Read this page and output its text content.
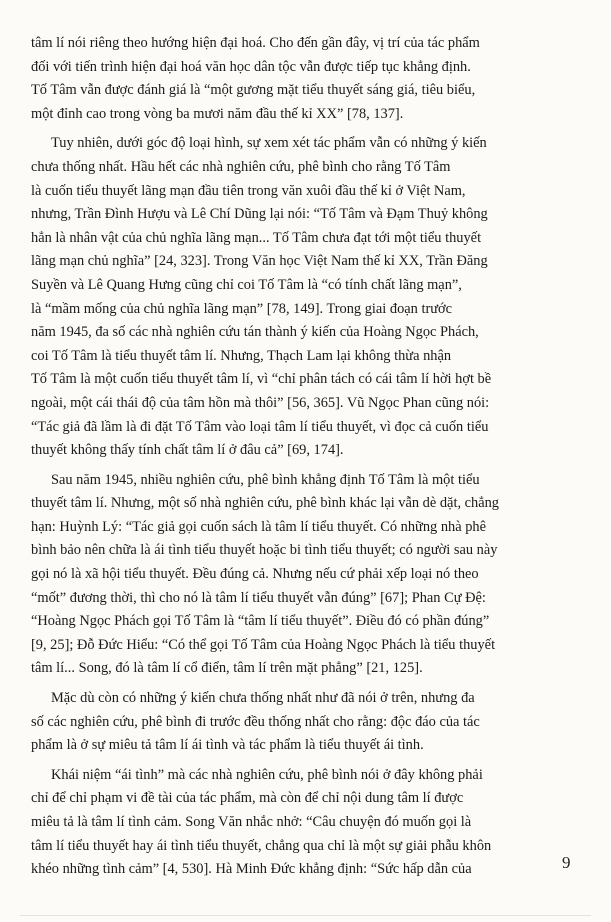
tâm lí nói riêng theo hướng hiện đại hoá. Cho đến gần đây, vị trí của tác phẩm
đối với tiến trình hiện đại hoá văn học dân tộc vẫn được tiếp tục khẳng định.
Tố Tâm vẫn được đánh giá là “một gương mặt tiểu thuyết sáng giá, tiêu biểu,
một đỉnh cao trong vòng ba mươi năm đầu thế kỉ XX” [78, 137].

Tuy nhiên, dưới góc độ loại hình, sự xem xét tác phẩm vẫn có những ý kiến
chưa thống nhất. Hầu hết các nhà nghiên cứu, phê bình cho rằng Tố Tâm
là cuốn tiểu thuyết lãng mạn đầu tiên trong văn xuôi đầu thế kỉ ở Việt Nam,
nhưng, Trần Đình Hượu và Lê Chí Dũng lại nói: “Tố Tâm và Đạm Thuỷ không
hẳn là nhân vật của chủ nghĩa lãng mạn... Tố Tâm chưa đạt tới một tiểu thuyết
lãng mạn chủ nghĩa” [24, 323]. Trong Văn học Việt Nam thế kỉ XX, Trần Đăng
Suyền và Lê Quang Hưng cũng chỉ coi Tố Tâm là “có tính chất lãng mạn”,
là “mầm mống của chủ nghĩa lãng mạn” [78, 149]. Trong giai đoạn trước
năm 1945, đa số các nhà nghiên cứu tán thành ý kiến của Hoàng Ngọc Phách,
coi Tố Tâm là tiểu thuyết tâm lí. Nhưng, Thạch Lam lại không thừa nhận
Tố Tâm là một cuốn tiểu thuyết tâm lí, vì “chỉ phân tách có cái tâm lí hời hợt bề
ngoài, một cái thái độ của tâm hồn mà thôi” [56, 365]. Vũ Ngọc Phan cũng nói:
“Tác giả đã lầm là đi đặt Tố Tâm vào loại tâm lí tiểu thuyết, vì đọc cả cuốn tiểu
thuyết không thấy tính chất tâm lí ở đâu cả” [69, 174].

Sau năm 1945, nhiều nghiên cứu, phê bình khẳng định Tố Tâm là một tiểu
thuyết tâm lí. Nhưng, một số nhà nghiên cứu, phê bình khác lại vẫn dè dặt, chẳng
hạn: Huỳnh Lý: “Tác giả gọi cuốn sách là tâm lí tiểu thuyết. Có những nhà phê
bình bảo nên chữa là ái tình tiểu thuyết hoặc bi tình tiểu thuyết; có người sau này
gọi nó là xã hội tiểu thuyết. Đều đúng cả. Nhưng nếu cứ phải xếp loại nó theo
“mốt” đương thời, thì cho nó là tâm lí tiểu thuyết vẫn đúng” [67]; Phan Cự Đệ:
“Hoàng Ngọc Phách gọi Tố Tâm là “tâm lí tiểu thuyết”. Điều đó có phần đúng”
[9, 25]; Đỗ Đức Hiểu: “Có thể gọi Tố Tâm của Hoàng Ngọc Phách là tiểu thuyết
tâm lí... Song, đó là tâm lí cổ điển, tâm lí trên mặt phẳng” [21, 125].

Mặc dù còn có những ý kiến chưa thống nhất như đã nói ở trên, nhưng đa
số các nghiên cứu, phê bình đi trước đều thống nhất cho rằng: độc đáo của tác
phẩm là ở sự miêu tả tâm lí ái tình và tác phẩm là tiểu thuyết ái tình.

Khái niệm “ái tình” mà các nhà nghiên cứu, phê bình nói ở đây không phải
chỉ để chỉ phạm vi đề tài của tác phẩm, mà còn để chỉ nội dung tâm lí được
miêu tả là tâm lí tình cảm. Song Văn nhắc nhở: “Câu chuyện đó muốn gọi là
tâm lí tiểu thuyết hay ái tình tiểu thuyết, chẳng qua chỉ là một sự giải phẫu khôn
khéo những tình cảm” [4, 530]. Hà Minh Đức khẳng định: “Sức hấp dẫn của	9
